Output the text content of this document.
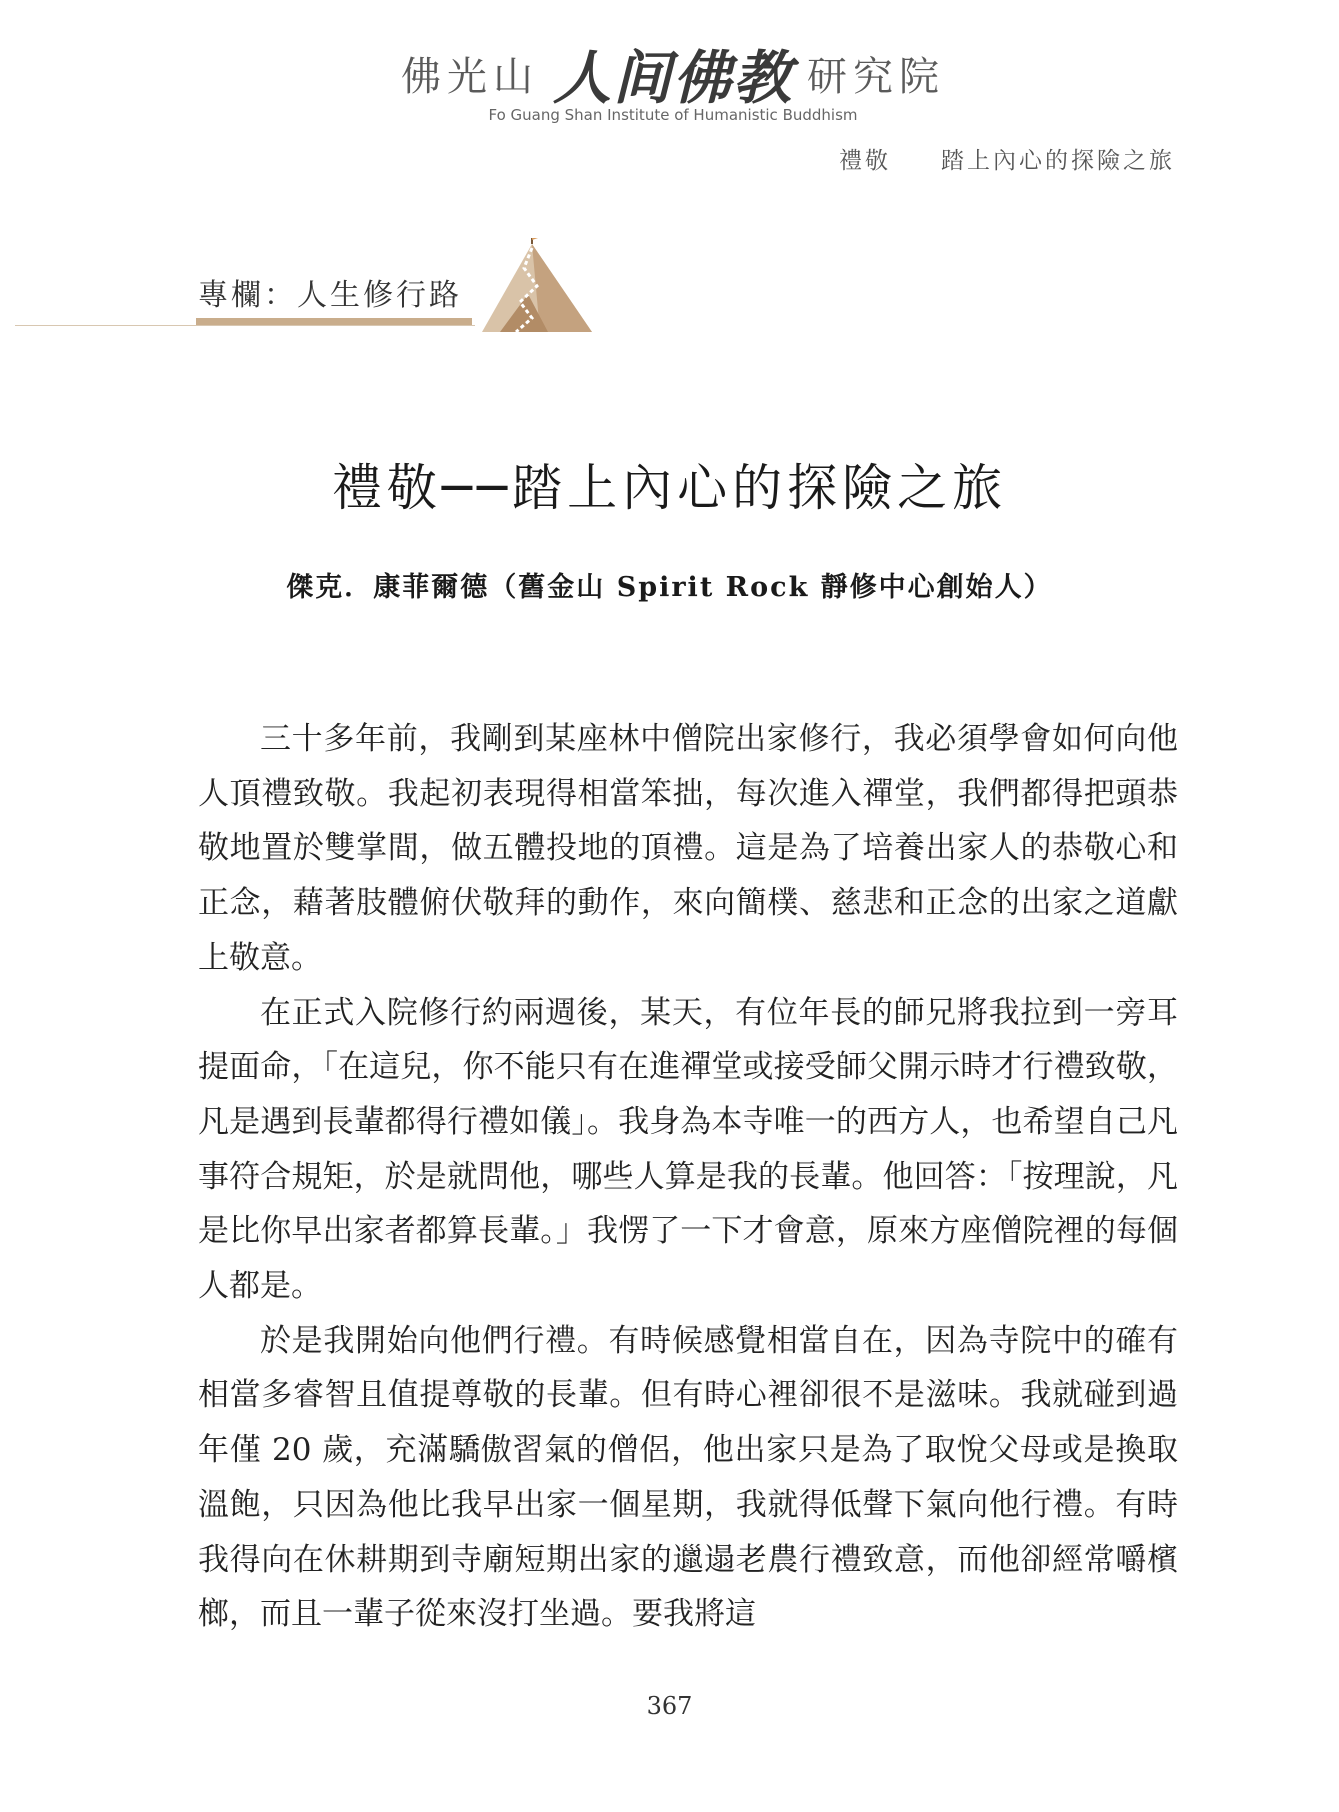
佛光山 人间佛教 研究院
Fo Guang Shan Institute of Humanistic Buddhism
禮敬 踏上內心的探險之旅
專欄：人生修行路
禮敬──踏上內心的探險之旅
傑克．康菲爾德（舊金山 Spirit Rock 靜修中心創始人）

三十多年前，我剛到某座林中僧院出家修行，我必須學會如何向他人頂禮致敬。我起初表現得相當笨拙，每次進入禪堂，我們都得把頭恭敬地置於雙掌間，做五體投地的頂禮。這是為了培養出家人的恭敬心和正念，藉著肢體俯伏敬拜的動作，來向簡樸、慈悲和正念的出家之道獻上敬意。

在正式入院修行約兩週後，某天，有位年長的師兄將我拉到一旁耳提面命，「在這兒，你不能只有在進禪堂或接受師父開示時才行禮致敬，凡是遇到長輩都得行禮如儀」。我身為本寺唯一的西方人，也希望自己凡事符合規矩，於是就問他，哪些人算是我的長輩。他回答：「按理說，凡是比你早出家者都算長輩。」我愣了一下才會意，原來方座僧院裡的每個人都是。

於是我開始向他們行禮。有時候感覺相當自在，因為寺院中的確有相當多睿智且值提尊敬的長輩。但有時心裡卻很不是滋味。我就碰到過年僅 20 歲，充滿驕傲習氣的僧侶，他出家只是為了取悅父母或是換取溫飽，只因為他比我早出家一個星期，我就得低聲下氣向他行禮。有時我得向在休耕期到寺廟短期出家的邋遢老農行禮致意，而他卻經常嚼檳榔，而且一輩子從來沒打坐過。要我將這

367
